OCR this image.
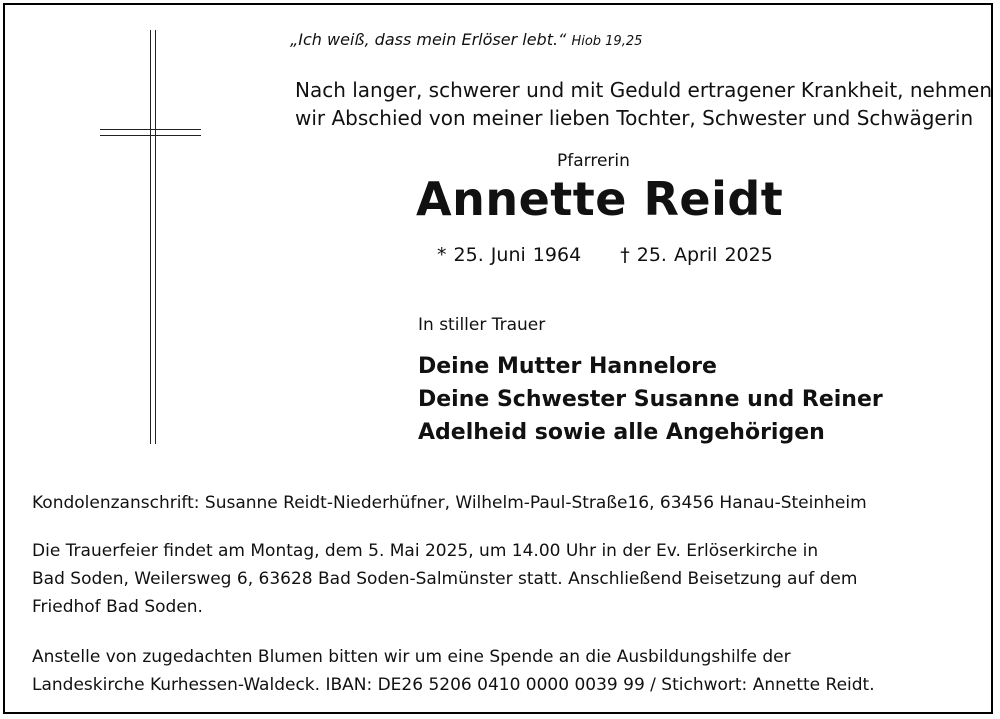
„Ich weiß, dass mein Erlöser lebt.“ Hiob 19,25
Nach langer, schwerer und mit Geduld ertragener Krankheit, nehmen
wir Abschied von meiner lieben Tochter, Schwester und Schwägerin
Pfarrerin
Annette Reidt
* 25. Juni 1964 † 25. April 2025
In stiller Trauer
Deine Mutter Hannelore
Deine Schwester Susanne und Reiner
Adelheid sowie alle Angehörigen
Kondolenzanschrift: Susanne Reidt-Niederhüfner, Wilhelm-Paul-Straße16, 63456 Hanau-Steinheim
Die Trauerfeier findet am Montag, dem 5. Mai 2025, um 14.00 Uhr in der Ev. Erlöserkirche in
Bad Soden, Weilersweg 6, 63628 Bad Soden-Salmünster statt. Anschließend Beisetzung auf dem
Friedhof Bad Soden.
Anstelle von zugedachten Blumen bitten wir um eine Spende an die Ausbildungshilfe der
Landeskirche Kurhessen-Waldeck. IBAN: DE26 5206 0410 0000 0039 99 / Stichwort: Annette Reidt.
